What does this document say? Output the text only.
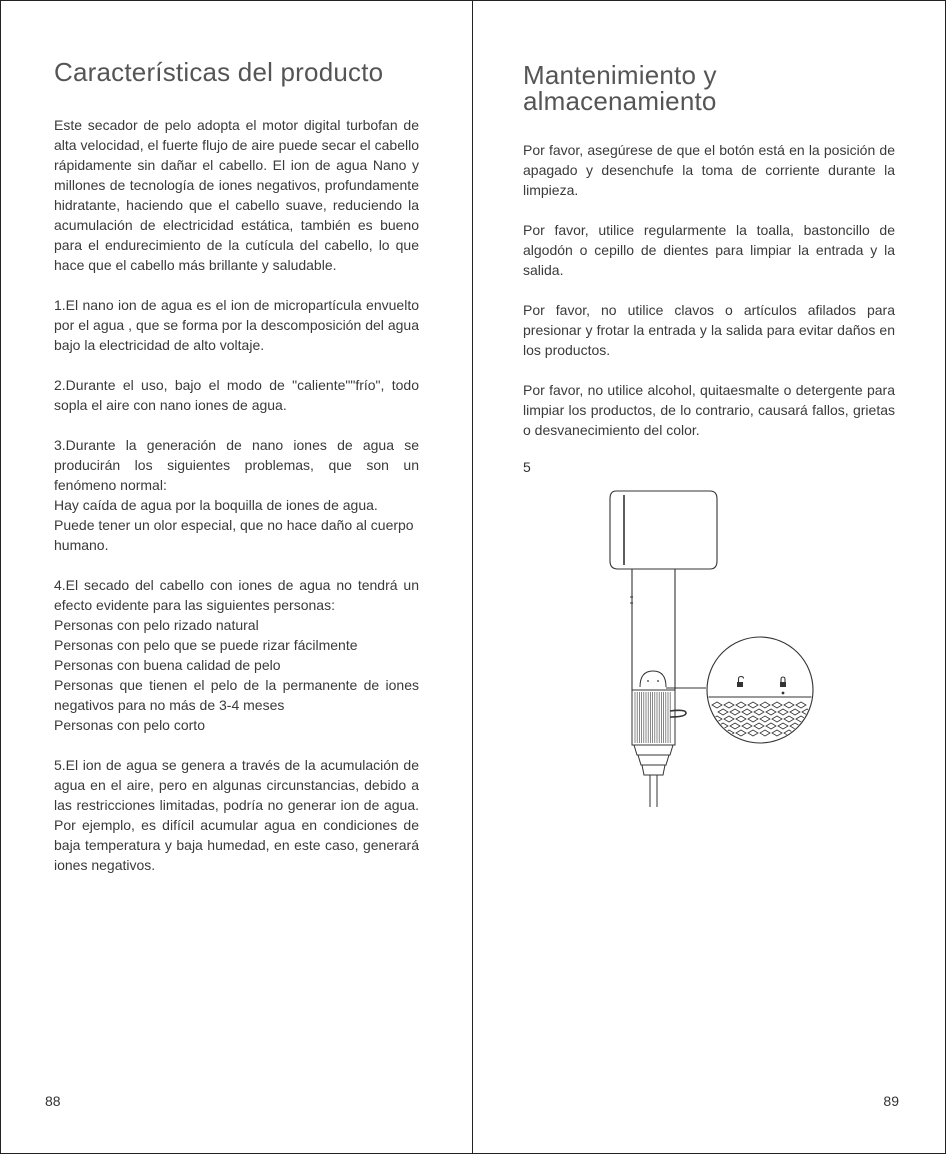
Características del producto

Este secador de pelo adopta el motor digital turbofan de alta velocidad, el fuerte flujo de aire puede secar el cabello rápidamente sin dañar el cabello. El ion de agua Nano y millones de tecnología de iones negativos, profundamente hidratante, haciendo que el cabello suave, reduciendo la acumulación de electricidad estática, también es bueno para el endurecimiento de la cutícula del cabello, lo que hace que el cabello más brillante y saludable.

1.El nano ion de agua es el ion de micropartícula envuelto por el agua , que se forma por la descomposición del agua bajo la electricidad de alto voltaje.

2.Durante el uso, bajo el modo de "caliente""frío", todo sopla el aire con nano iones de agua.

3.Durante la generación de nano iones de agua se producirán los siguientes problemas, que son un fenómeno normal:

Hay caída de agua por la boquilla de iones de agua.

Puede tener un olor especial, que no hace daño al cuerpo humano.

4.El secado del cabello con iones de agua no tendrá un efecto evidente para las siguientes personas:

Personas con pelo rizado natural

Personas con pelo que se puede rizar fácilmente

Personas con buena calidad de pelo

Personas que tienen el pelo de la permanente de iones negativos para no más de 3-4 meses

Personas con pelo corto

5.El ion de agua se genera a través de la acumulación de agua en el aire, pero en algunas circunstancias, debido a las restricciones limitadas, podría no generar ion de agua. Por ejemplo, es difícil acumular agua en condiciones de baja temperatura y baja humedad, en este caso, generará iones negativos.

88
Mantenimiento y almacenamiento

Por favor, asegúrese de que el botón está en la posición de apagado y desenchufe la toma de corriente durante la limpieza.

Por favor, utilice regularmente la toalla, bastoncillo de algodón o cepillo de dientes para limpiar la entrada y la salida.

Por favor, no utilice clavos o artículos afilados para presionar y frotar la entrada y la salida para evitar daños en los productos.

Por favor, no utilice alcohol, quitaesmalte o detergente para limpiar los productos, de lo contrario, causará fallos, grietas o desvanecimiento del color.

5
89
